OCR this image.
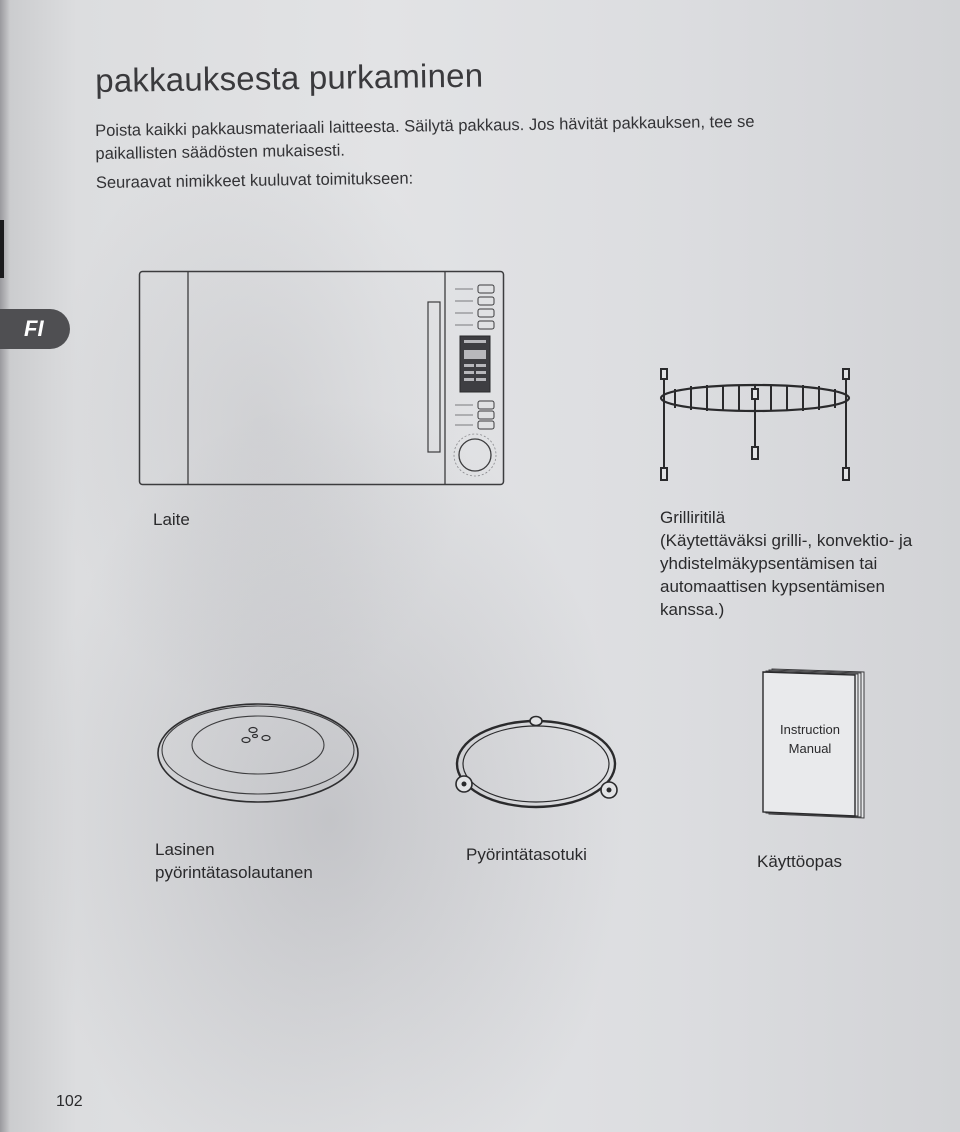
pakkauksesta purkaminen

Poista kaikki pakkausmateriaali laitteesta. Säilytä pakkaus. Jos hävität pakkauksen, tee se
paikallisten säädösten mukaisesti.

Seuraavat nimikkeet kuuluvat toimitukseen:

FI
Laite	Grilliritilä
(Käytettäväksi grilli-, konvektio- ja
yhdistelmäkypsentämisen tai
automaattisen kypsentämisen
kanssa.)
Lasinen
pyörintätasolautanen
Pyörintätasotuki
Instruction
Manual
Käyttöopas
102
